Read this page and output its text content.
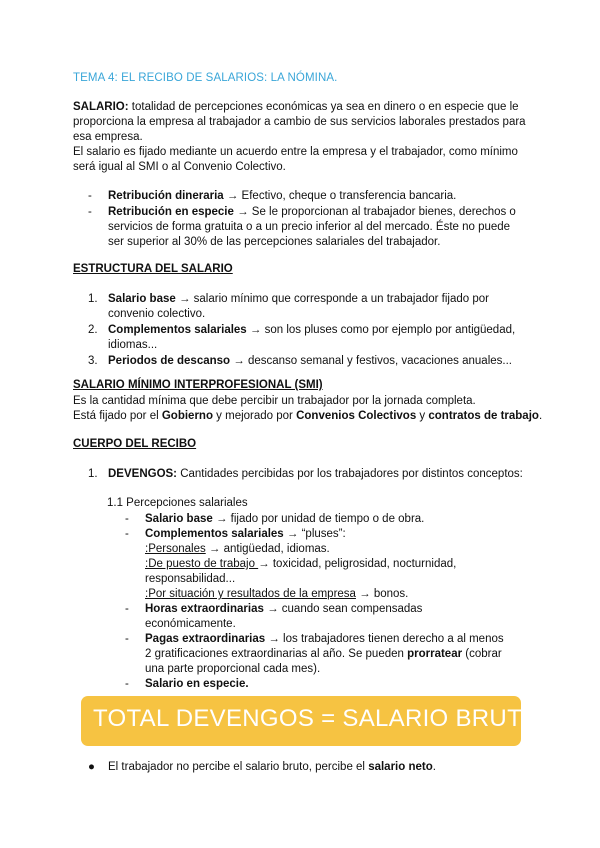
TEMA 4: EL RECIBO DE SALARIOS: LA NÓMINA.
SALARIO: totalidad de percepciones económicas ya sea en dinero o en especie que le proporciona la empresa al trabajador a cambio de sus servicios laborales prestados para esa empresa.
El salario es fijado mediante un acuerdo entre la empresa y el trabajador, como mínimo será igual al SMI o al Convenio Colectivo.
- Retribución dineraria → Efectivo, cheque o transferencia bancaria.
- Retribución en especie → Se le proporcionan al trabajador bienes, derechos o servicios de forma gratuita o a un precio inferior al del mercado. Éste no puede ser superior al 30% de las percepciones salariales del trabajador.
ESTRUCTURA DEL SALARIO
1. Salario base → salario mínimo que corresponde a un trabajador fijado por convenio colectivo.
2. Complementos salariales → son los pluses como por ejemplo por antigüedad, idiomas...
3. Periodos de descanso → descanso semanal y festivos, vacaciones anuales...
SALARIO MÍNIMO INTERPROFESIONAL (SMI)
Es la cantidad mínima que debe percibir un trabajador por la jornada completa.
Está fijado por el Gobierno y mejorado por Convenios Colectivos y contratos de trabajo.
CUERPO DEL RECIBO
1. DEVENGOS: Cantidades percibidas por los trabajadores por distintos conceptos:
1.1 Percepciones salariales
- Salario base → fijado por unidad de tiempo o de obra.
- Complementos salariales → “pluses”:
:Personales → antigüedad, idiomas.
:De puesto de trabajo → toxicidad, peligrosidad, nocturnidad, responsabilidad...
:Por situación y resultados de la empresa → bonos.
- Horas extraordinarias → cuando sean compensadas económicamente.
- Pagas extraordinarias → los trabajadores tienen derecho a al menos 2 gratificaciones extraordinarias al año. Se pueden prorratear (cobrar una parte proporcional cada mes).
- Salario en especie.
TOTAL DEVENGOS = SALARIO BRUTO
● El trabajador no percibe el salario bruto, percibe el salario neto.
